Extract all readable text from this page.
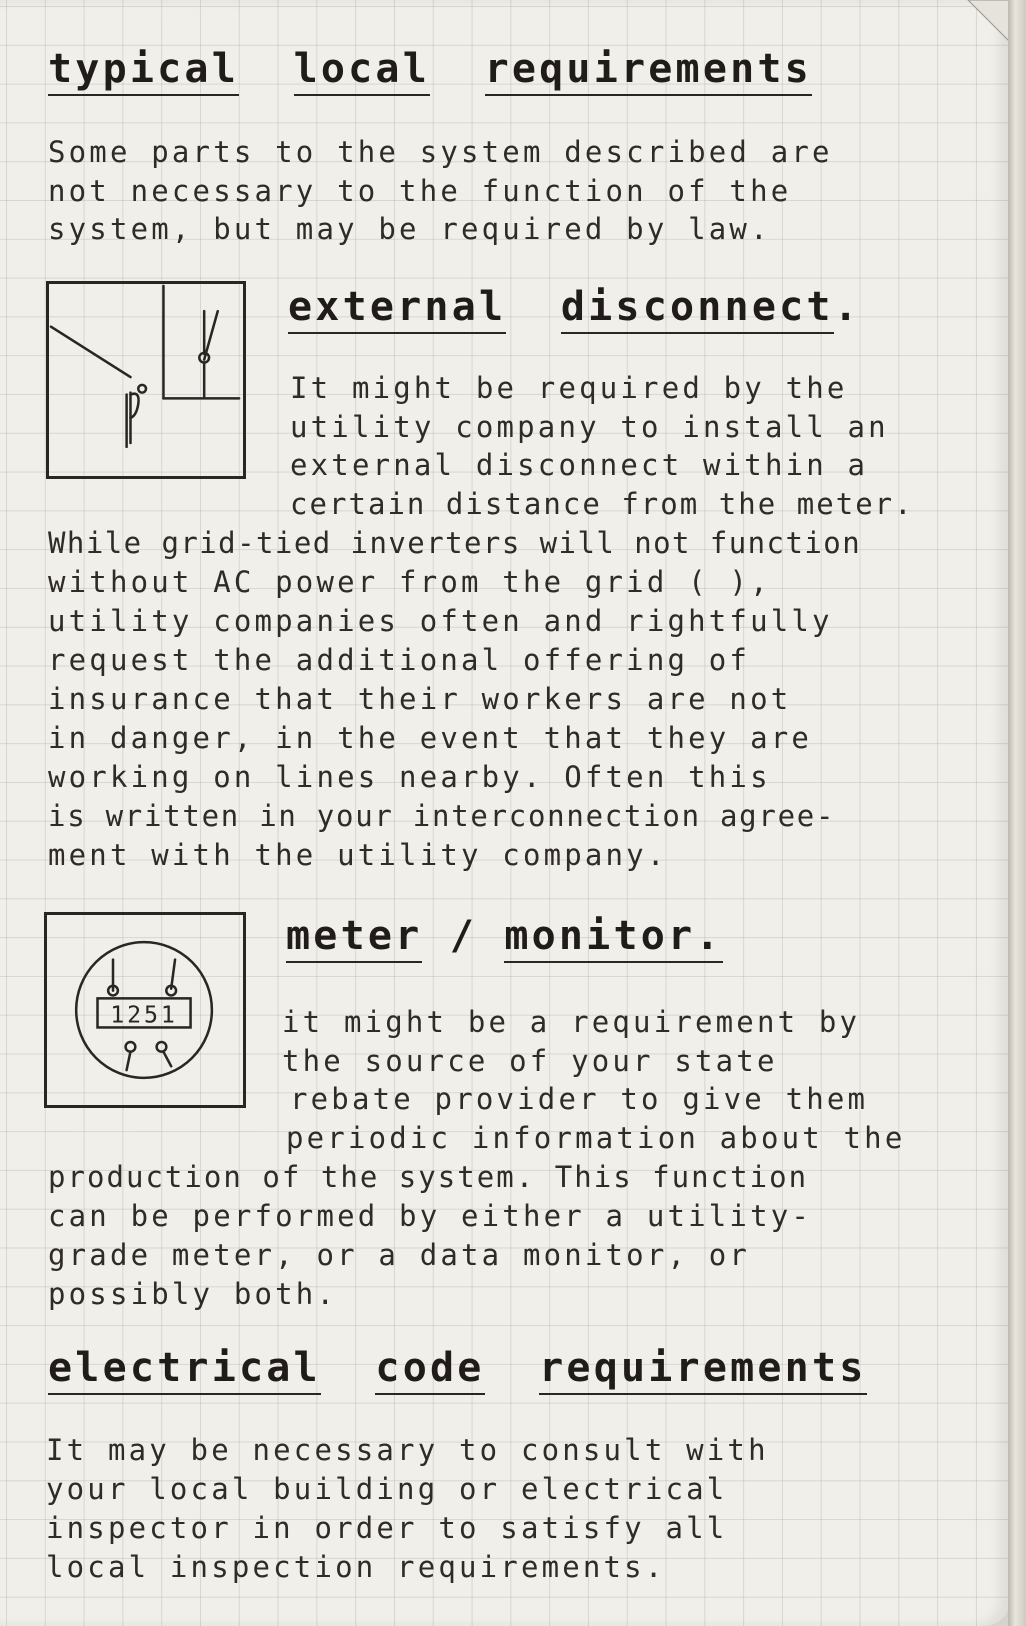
typical local requirements

Some parts to the system described are

not necessary to the function of the

system, but may be required by law.

external disconnect.

It might be required by the

utility company to install an

external disconnect within a

certain distance from the meter.

While grid-tied inverters will not function

without AC power from the grid ( ),

utility companies often and rightfully

request the additional offering of

insurance that their workers are not

in danger, in the event that they are

working on lines nearby. Often this

is written in your interconnection agree-

ment with the utility company.

1251
meter / monitor.

it might be a requirement by

the source of your state

rebate provider to give them

periodic information about the

production of the system. This function

can be performed by either a utility-

grade meter, or a data monitor, or

possibly both.

electrical code requirements

It may be necessary to consult with

your local building or electrical

inspector in order to satisfy all

local inspection requirements.
